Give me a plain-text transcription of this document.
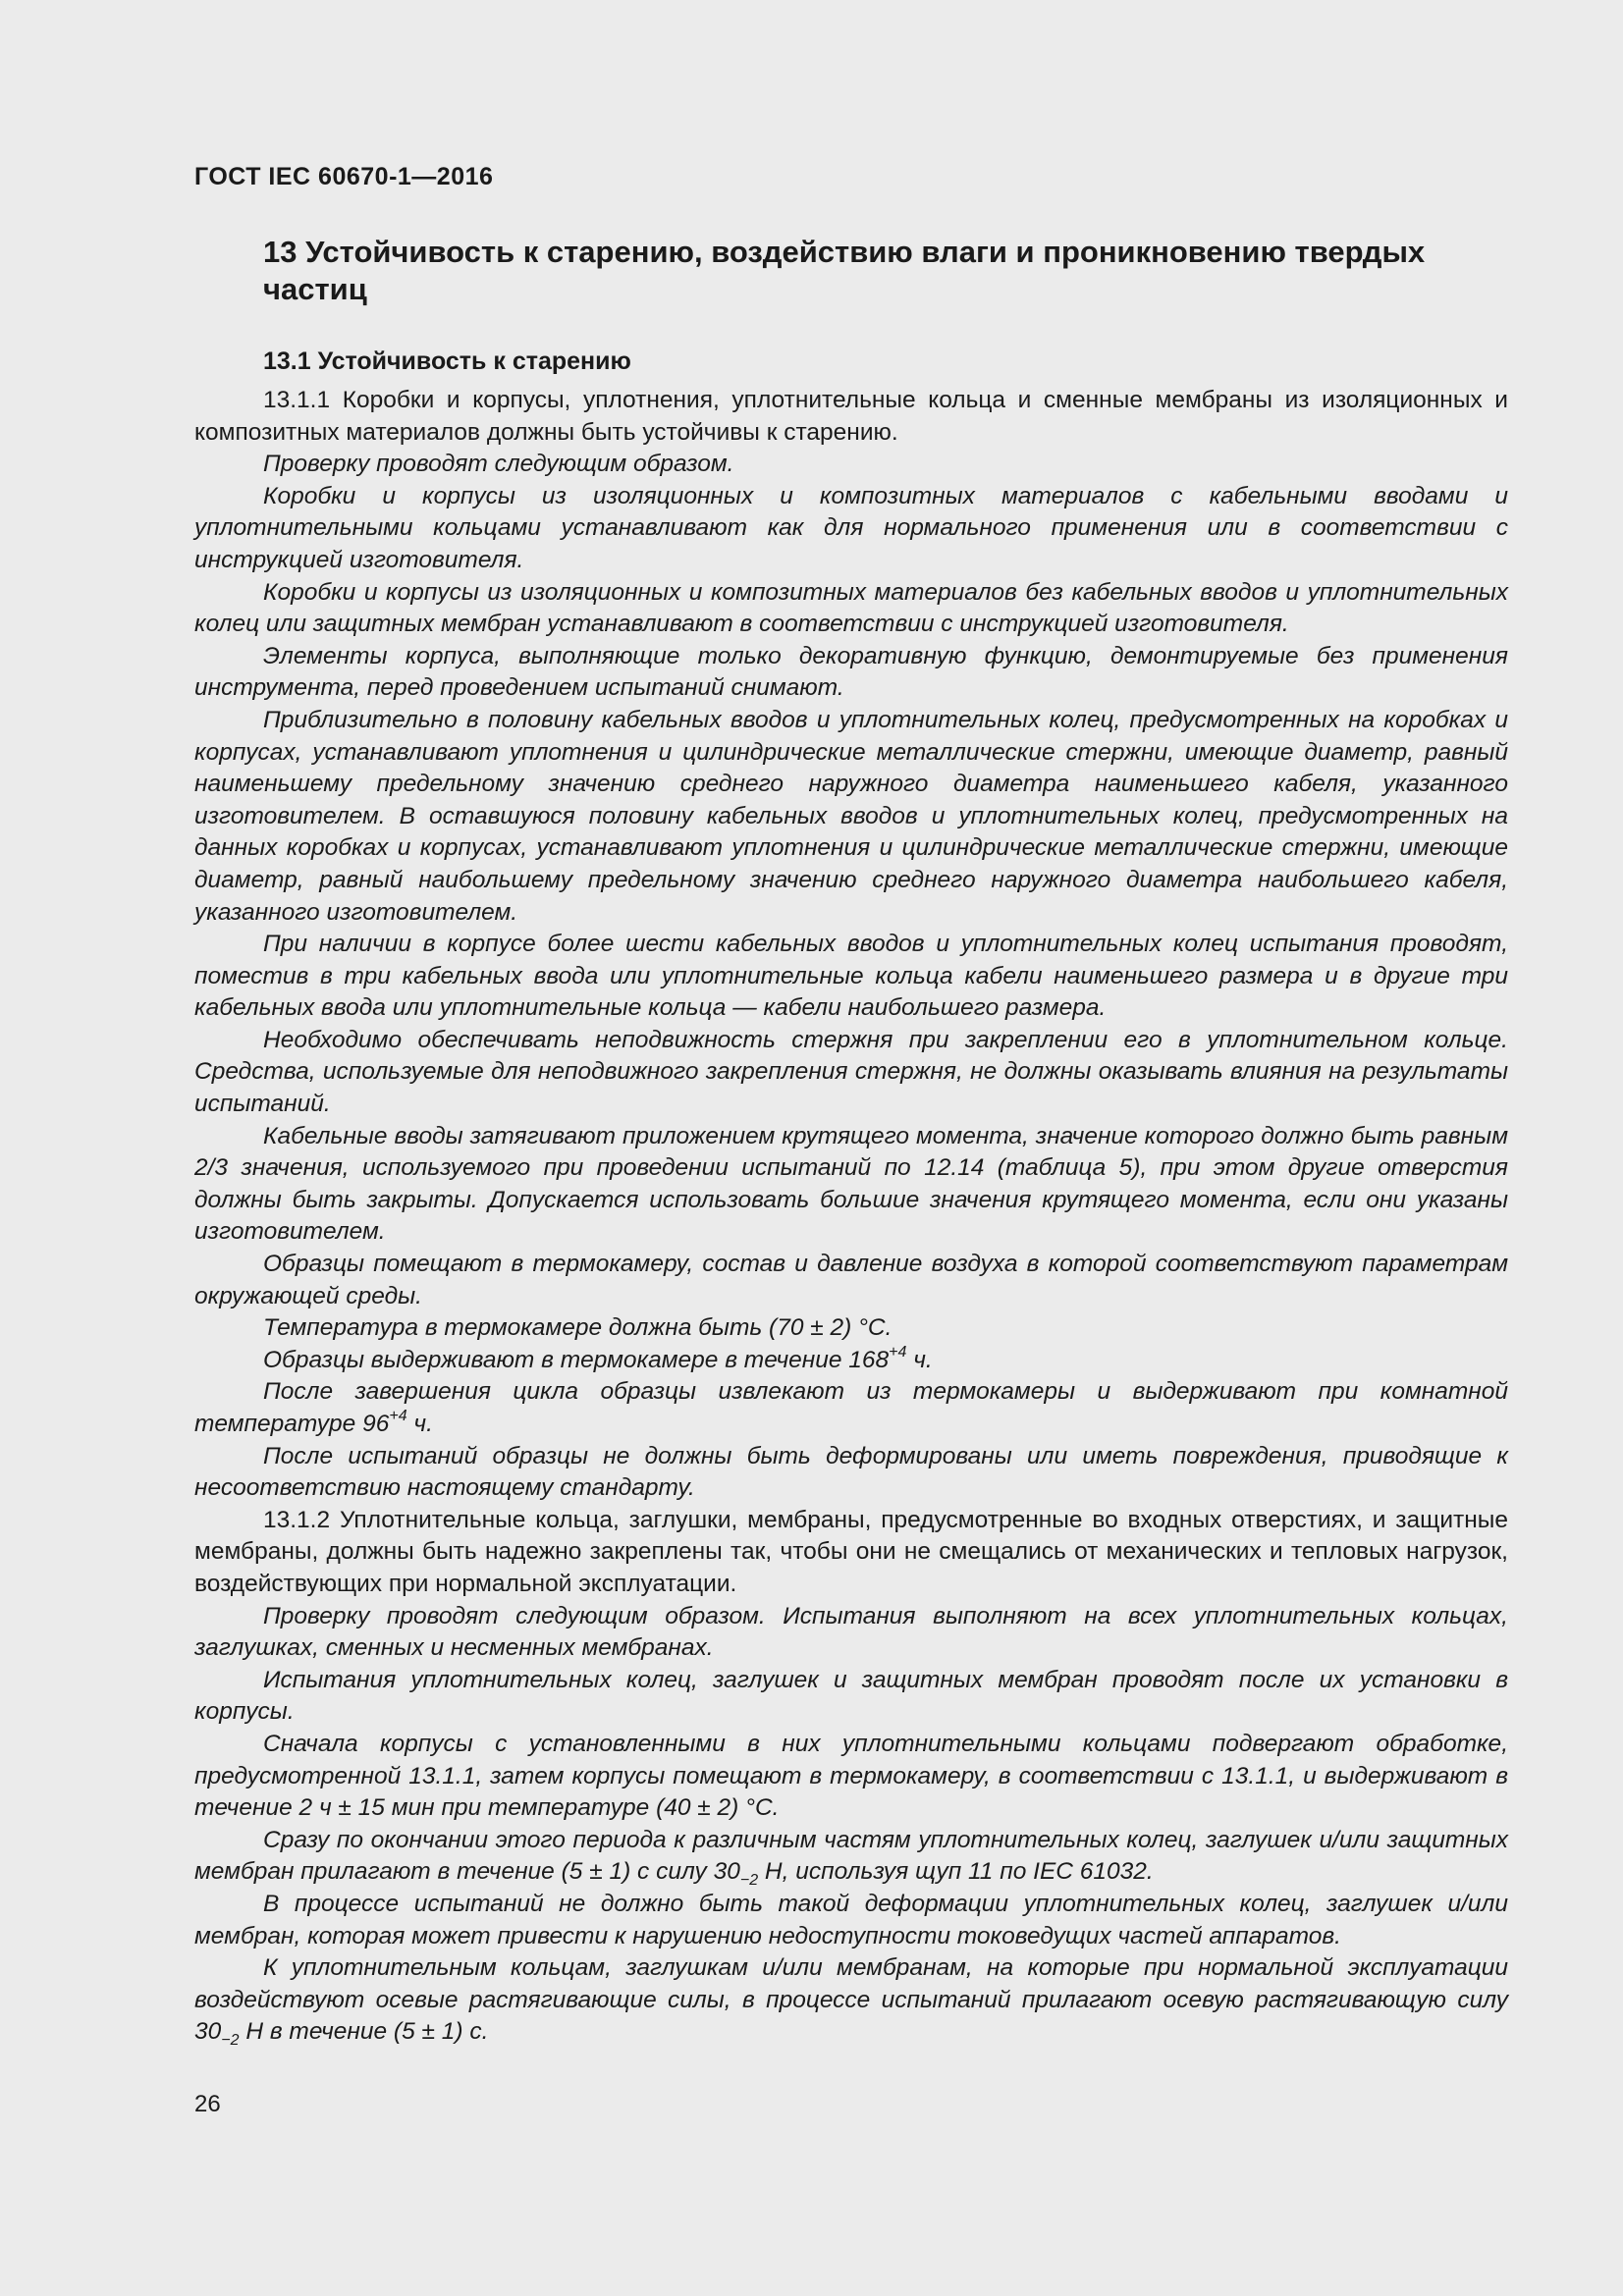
ГОСТ IEC 60670-1—2016
13 Устойчивость к старению, воздействию влаги и проникновению твердых частиц
13.1 Устойчивость к старению

13.1.1 Коробки и корпусы, уплотнения, уплотнительные кольца и сменные мембраны из изоляционных и композитных материалов должны быть устойчивы к старению.

Проверку проводят следующим образом.

Коробки и корпусы из изоляционных и композитных материалов с кабельными вводами и уплотнительными кольцами устанавливают как для нормального применения или в соответствии с инструкцией изготовителя.

Коробки и корпусы из изоляционных и композитных материалов без кабельных вводов и уплотнительных колец или защитных мембран устанавливают в соответствии с инструкцией изготовителя.

Элементы корпуса, выполняющие только декоративную функцию, демонтируемые без применения инструмента, перед проведением испытаний снимают.

Приблизительно в половину кабельных вводов и уплотнительных колец, предусмотренных на коробках и корпусах, устанавливают уплотнения и цилиндрические металлические стержни, имеющие диаметр, равный наименьшему предельному значению среднего наружного диаметра наименьшего кабеля, указанного изготовителем. В оставшуюся половину кабельных вводов и уплотнительных колец, предусмотренных на данных коробках и корпусах, устанавливают уплотнения и цилиндрические металлические стержни, имеющие диаметр, равный наибольшему предельному значению среднего наружного диаметра наибольшего кабеля, указанного изготовителем.

При наличии в корпусе более шести кабельных вводов и уплотнительных колец испытания проводят, поместив в три кабельных ввода или уплотнительные кольца кабели наименьшего размера и в другие три кабельных ввода или уплотнительные кольца — кабели наибольшего размера.

Необходимо обеспечивать неподвижность стержня при закреплении его в уплотнительном кольце. Средства, используемые для неподвижного закрепления стержня, не должны оказывать влияния на результаты испытаний.

Кабельные вводы затягивают приложением крутящего момента, значение которого должно быть равным 2/3 значения, используемого при проведении испытаний по 12.14 (таблица 5), при этом другие отверстия должны быть закрыты. Допускается использовать большие значения крутящего момента, если они указаны изготовителем.

Образцы помещают в термокамеру, состав и давление воздуха в которой соответствуют параметрам окружающей среды.

Температура в термокамере должна быть (70 ± 2) °C.

Образцы выдерживают в термокамере в течение $168^{+4}$ ч.

После завершения цикла образцы извлекают из термокамеры и выдерживают при комнатной температуре $96^{+4}$ ч.

После испытаний образцы не должны быть деформированы или иметь повреждения, приводящие к несоответствию настоящему стандарту.

13.1.2 Уплотнительные кольца, заглушки, мембраны, предусмотренные во входных отверстиях, и защитные мембраны, должны быть надежно закреплены так, чтобы они не смещались от механических и тепловых нагрузок, воздействующих при нормальной эксплуатации.

Проверку проводят следующим образом. Испытания выполняют на всех уплотнительных кольцах, заглушках, сменных и несменных мембранах.

Испытания уплотнительных колец, заглушек и защитных мембран проводят после их установки в корпусы.

Сначала корпусы с установленными в них уплотнительными кольцами подвергают обработке, предусмотренной 13.1.1, затем корпусы помещают в термокамеру, в соответствии с 13.1.1, и выдерживают в течение 2 ч ± 15 мин при температуре (40 ± 2) °C.

Сразу по окончании этого периода к различным частям уплотнительных колец, заглушек и/или защитных мембран прилагают в течение (5 ± 1) с силу $30_{-2}$ Н, используя щуп 11 по IEC 61032.

В процессе испытаний не должно быть такой деформации уплотнительных колец, заглушек и/или мембран, которая может привести к нарушению недоступности токоведущих частей аппаратов.

К уплотнительным кольцам, заглушкам и/или мембранам, на которые при нормальной эксплуатации воздействуют осевые растягивающие силы, в процессе испытаний прилагают осевую растягивающую силу $30_{-2}$ Н в течение (5 ± 1) с.

26
